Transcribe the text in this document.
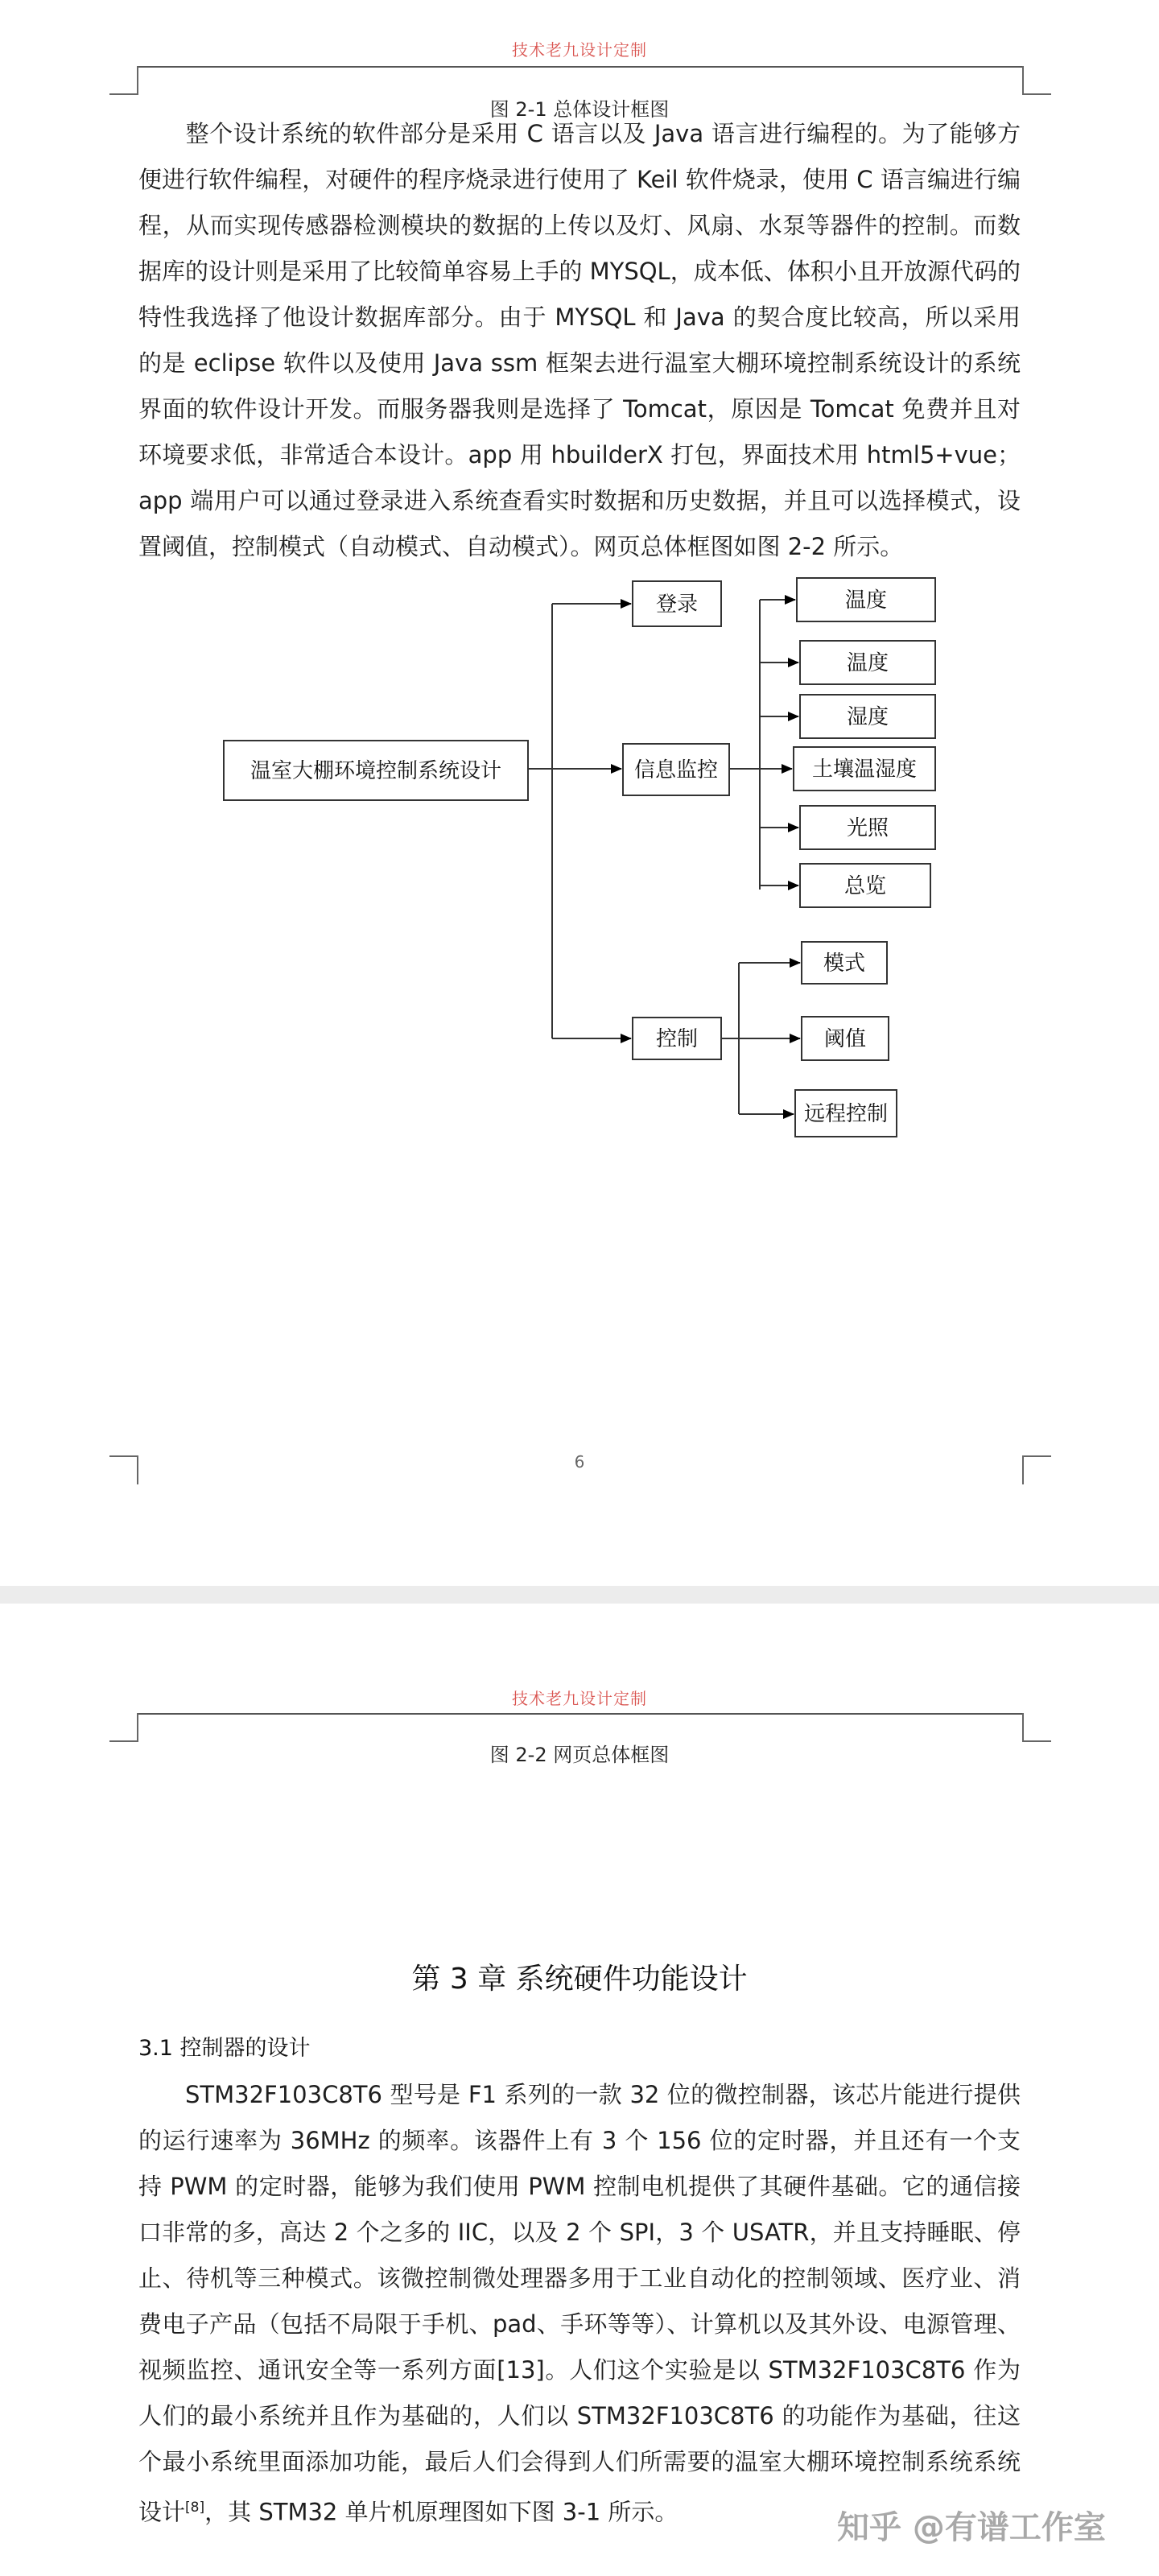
技术老九设计定制
图 2-1 总体设计框图

整个设计系统的软件部分是采用 C 语言以及 Java 语言进行编程的。为了能够方便进行软件编程，对硬件的程序烧录进行使用了 Keil 软件烧录，使用 C 语言编进行编程，从而实现传感器检测模块的数据的上传以及灯、风扇、水泵等器件的控制。而数据库的设计则是采用了比较简单容易上手的 MYSQL，成本低、体积小且开放源代码的特性我选择了他设计数据库部分。由于 MYSQL 和 Java 的契合度比较高，所以采用的是 eclipse 软件以及使用 Java ssm 框架去进行温室大棚环境控制系统设计的系统界面的软件设计开发。而服务器我则是选择了 Tomcat，原因是 Tomcat 免费并且对环境要求低，非常适合本设计。app 用 hbuilderX 打包，界面技术用 html5+vue；app 端用户可以通过登录进入系统查看实时数据和历史数据，并且可以选择模式，设置阈值，控制模式（自动模式、自动模式）。网页总体框图如图 2-2 所示。

温室大棚环境控制系统设计
登录
信息监控
控制
温度
温度
湿度
土壤温湿度
光照
总览
模式
阈值
远程控制
6
技术老九设计定制
图 2-2 网页总体框图
第 3 章 系统硬件功能设计
3.1 控制器的设计

STM32F103C8T6 型号是 F1 系列的一款 32 位的微控制器，该芯片能进行提供的运行速率为 36MHz 的频率。该器件上有 3 个 156 位的定时器，并且还有一个支持 PWM 的定时器，能够为我们使用 PWM 控制电机提供了其硬件基础。它的通信接口非常的多，高达 2 个之多的 IIC，以及 2 个 SPI，3 个 USATR，并且支持睡眠、停止、待机等三种模式。该微控制微处理器多用于工业自动化的控制领域、医疗业、消费电子产品（包括不局限于手机、pad、手环等等）、计算机以及其外设、电源管理、视频监控、通讯安全等一系列方面[13]。人们这个实验是以 STM32F103C8T6 作为人们的最小系统并且作为基础的，人们以 STM32F103C8T6 的功能作为基础，往这个最小系统里面添加功能，最后人们会得到人们所需要的温室大棚环境控制系统系统设计[8]，其 STM32 单片机原理图如下图 3-1 所示。	知乎 @有谱工作室
